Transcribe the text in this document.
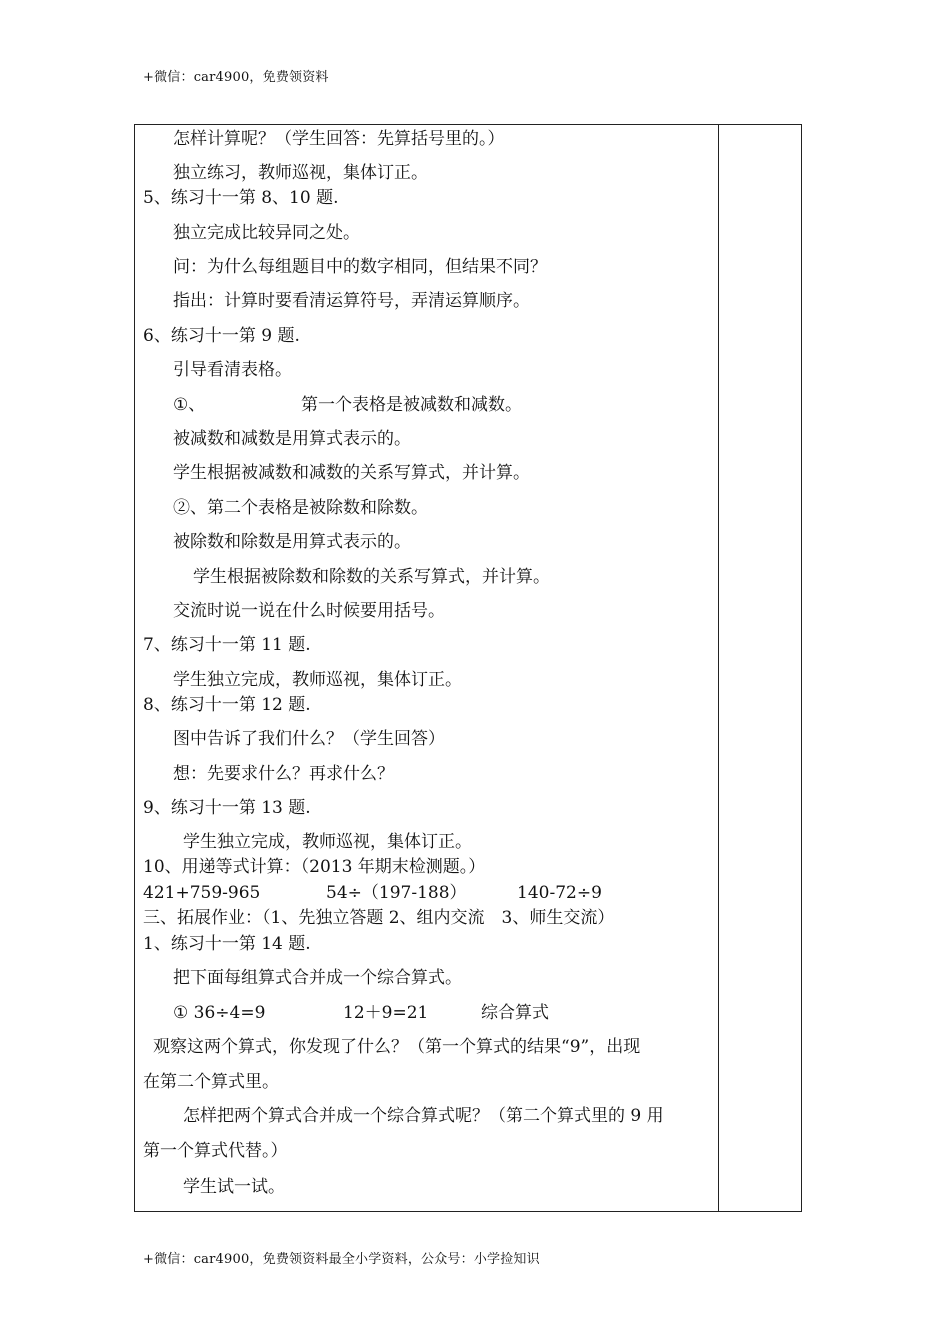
+微信：car4900，免费领资料
怎样计算呢？（学生回答：先算括号里的。）
独立练习，教师巡视，集体订正。
5、练习十一第 8、10 题.
独立完成比较异同之处。
问：为什么每组题目中的数字相同，但结果不同？
指出：计算时要看清运算符号，弄清运算顺序。
6、练习十一第 9 题.
引导看清表格。
①、	第一个表格是被减数和减数。
被减数和减数是用算式表示的。
学生根据被减数和减数的关系写算式，并计算。
②、第二个表格是被除数和除数。
被除数和除数是用算式表示的。
学生根据被除数和除数的关系写算式，并计算。
交流时说一说在什么时候要用括号。
7、练习十一第 11 题.
学生独立完成，教师巡视，集体订正。
8、练习十一第 12 题.
图中告诉了我们什么？（学生回答）
想：先要求什么？再求什么？
9、练习十一第 13 题.
学生独立完成，教师巡视，集体订正。
10、用递等式计算：（2013 年期末检测题。）
421+759-965	54÷（197-188）	140-72÷9
三、拓展作业：（1、先独立答题 2、组内交流　3、师生交流）
1、练习十一第 14 题.
把下面每组算式合并成一个综合算式。
① 36÷4=9	12＋9=21	综合算式
观察这两个算式，你发现了什么？（第一个算式的结果“9”，出现
在第二个算式里。
怎样把两个算式合并成一个综合算式呢？（第二个算式里的 9 用
第一个算式代替。）
学生试一试。
+微信：car4900，免费领资料最全小学资料，公众号：小学捡知识
